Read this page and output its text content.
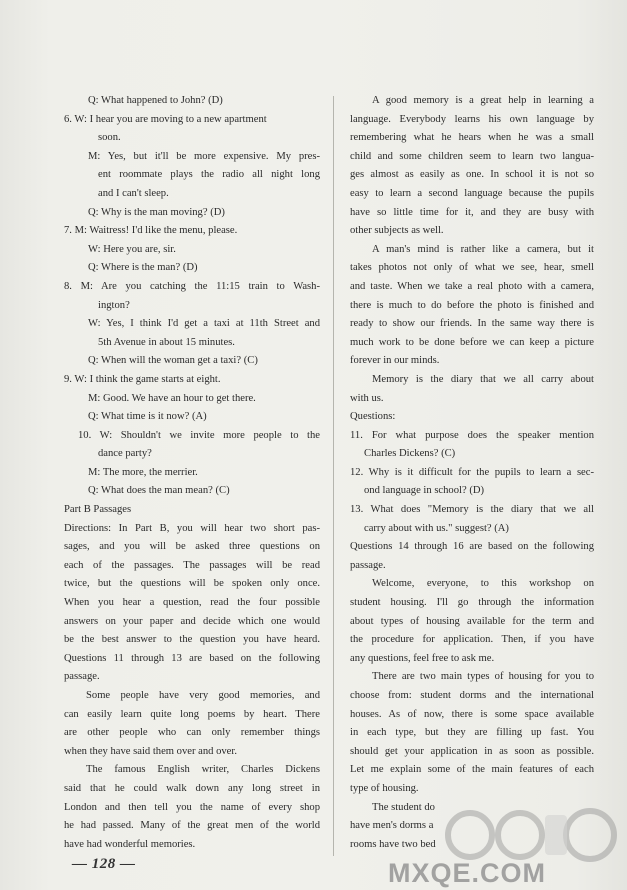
Q: What happened to John? (D)
6. W: I hear you are moving to a new apartment
soon.
M: Yes, but it'll be more expensive. My pres-
ent roommate plays the radio all night long
and I can't sleep.
Q: Why is the man moving? (D)
7. M: Waitress! I'd like the menu, please.
W: Here you are, sir.
Q: Where is the man? (D)
8. M: Are you catching the 11:15 train to Wash-
ington?
W: Yes, I think I'd get a taxi at 11th Street and
5th Avenue in about 15 minutes.
Q: When will the woman get a taxi? (C)
9. W: I think the game starts at eight.
M: Good. We have an hour to get there.
Q: What time is it now? (A)
10. W: Shouldn't we invite more people to the
dance party?
M: The more, the merrier.
Q: What does the man mean? (C)
Part B Passages
Directions: In Part B, you will hear two short pas-
sages, and you will be asked three questions on
each of the passages. The passages will be read
twice, but the questions will be spoken only once.
When you hear a question, read the four possible
answers on your paper and decide which one would
be the best answer to the question you have heard.
Questions 11 through 13 are based on the following
passage.
Some people have very good memories, and
can easily learn quite long poems by heart. There
are other people who can only remember things
when they have said them over and over.
The famous English writer, Charles Dickens
said that he could walk down any long street in
London and then tell you the name of every shop
he had passed. Many of the great men of the world
have had wonderful memories.
A good memory is a great help in learning a
language. Everybody learns his own language by
remembering what he hears when he was a small
child and some children seem to learn two langua-
ges almost as easily as one. In school it is not so
easy to learn a second language because the pupils
have so little time for it, and they are busy with
other subjects as well.
A man's mind is rather like a camera, but it
takes photos not only of what we see, hear, smell
and taste. When we take a real photo with a camera,
there is much to do before the photo is finished and
ready to show our friends. In the same way there is
much work to be done before we can keep a picture
forever in our minds.
Memory is the diary that we all carry about
with us.
Questions:
11. For what purpose does the speaker mention
Charles Dickens? (C)
12. Why is it difficult for the pupils to learn a sec-
ond language in school? (D)
13. What does "Memory is the diary that we all
carry about with us." suggest? (A)
Questions 14 through 16 are based on the following
passage.
Welcome, everyone, to this workshop on
student housing. I'll go through the information
about types of housing available for the term and
the procedure for application. Then, if you have
any questions, feel free to ask me.
There are two main types of housing for you to
choose from: student dorms and the international
houses. As of now, there is some space available
in each type, but they are filling up fast. You
should get your application in as soon as possible.
Let me explain some of the main features of each
type of housing.
The student do
have men's dorms a
rooms have two bed
— 128 —	MXQE.COM
